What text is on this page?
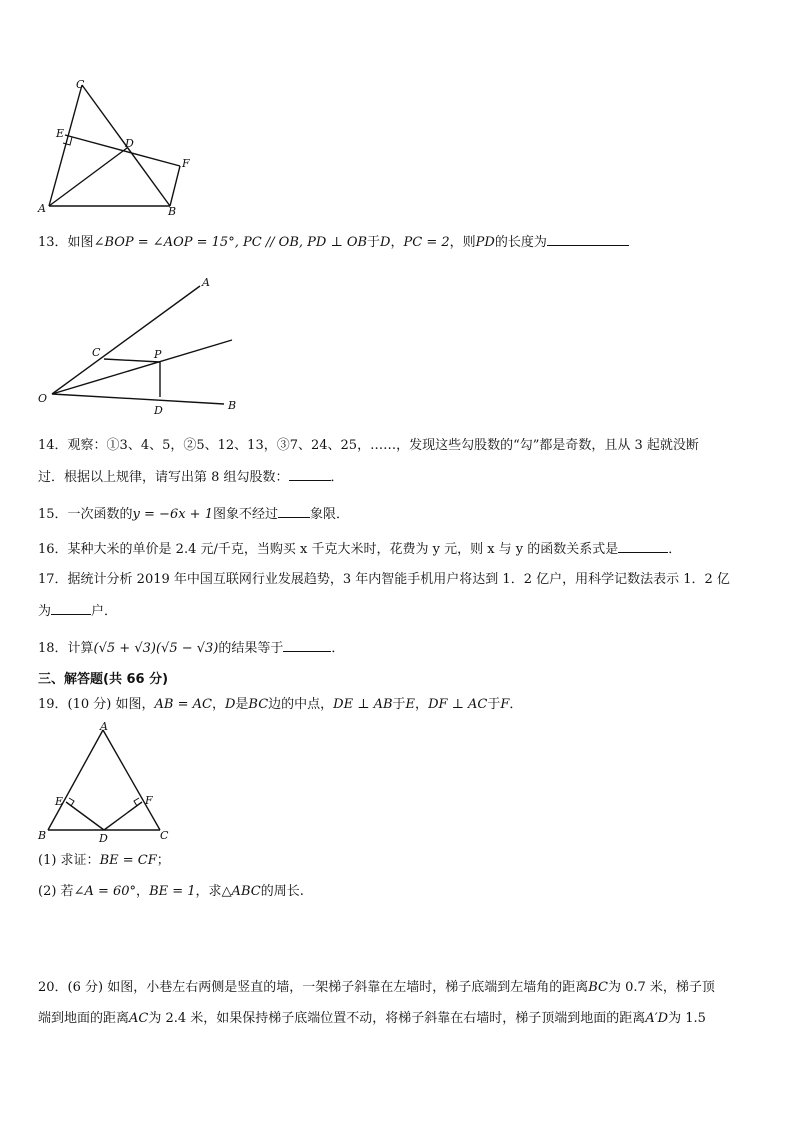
C
E
D
F
A	B
13．如图∠BOP = ∠AOP = 15°, PC // OB, PD ⊥ OB于D，PC = 2，则PD的长度为
A
C	P
O
D	B
14．观察：①3、4、5，②5、12、13，③7、24、25，……，发现这些勾股数的“勾”都是奇数，且从 3 起就没断
过．根据以上规律，请写出第 8 组勾股数：	．
15．一次函数的y = −6x + 1图象不经过 象限．
16．某种大米的单价是 2.4 元/千克，当购买 x 千克大米时，花费为 y 元，则 x 与 y 的函数关系式是	．
17．据统计分析 2019 年中国互联网行业发展趋势，3 年内智能手机用户将达到 1．2 亿户，用科学记数法表示 1．2 亿
为	户．
18．计算(√5 + √3)(√5 − √3)的结果等于	．
三、解答题(共 66 分)
19．(10 分) 如图，AB = AC，D是BC边的中点，DE ⊥ AB于E，DF ⊥ AC于F．
A
E	F
B	D	C
(1) 求证：BE = CF；
(2) 若∠A = 60°，BE = 1，求△ABC的周长.
20．(6 分) 如图，小巷左右两侧是竖直的墙，一架梯子斜靠在左墙时，梯子底端到左墙角的距离BC为 0.7 米，梯子顶
端到地面的距离AC为 2.4 米，如果保持梯子底端位置不动，将梯子斜靠在右墙时，梯子顶端到地面的距离A′D为 1.5
